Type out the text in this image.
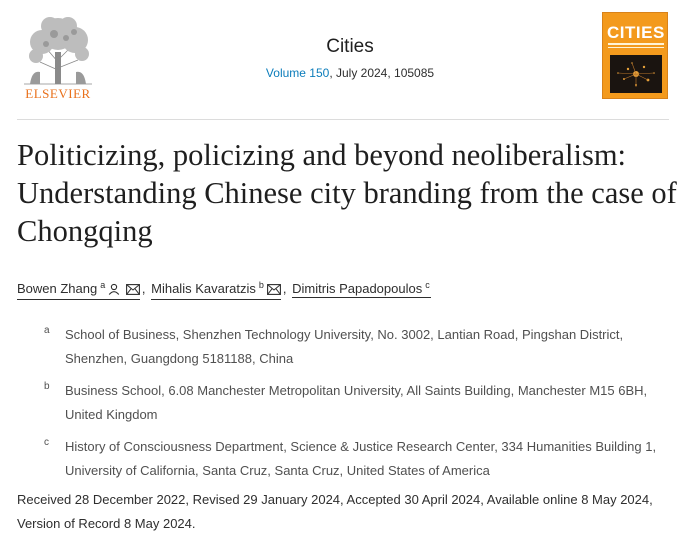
ELSEVIER
Cities
Volume 150, July 2024, 105085
CITIES
Politicizing, policizing and beyond neoliberalism: Understanding Chinese city branding from the case of Chongqing
Bowen Zhang $^a$	, Mihalis Kavaratzis $^b$ , Dimitris Papadopoulos $^c$
a School of Business, Shenzhen Technology University, No. 3002, Lantian Road, Pingshan District, Shenzhen, Guangdong 5181188, China
b Business School, 6.08 Manchester Metropolitan University, All Saints Building, Manchester M15 6BH, United Kingdom
c History of Consciousness Department, Science & Justice Research Center, 334 Humanities Building 1, University of California, Santa Cruz, Santa Cruz, United States of America
Received 28 December 2022, Revised 29 January 2024, Accepted 30 April 2024, Available online 8 May 2024, Version of Record 8 May 2024.
